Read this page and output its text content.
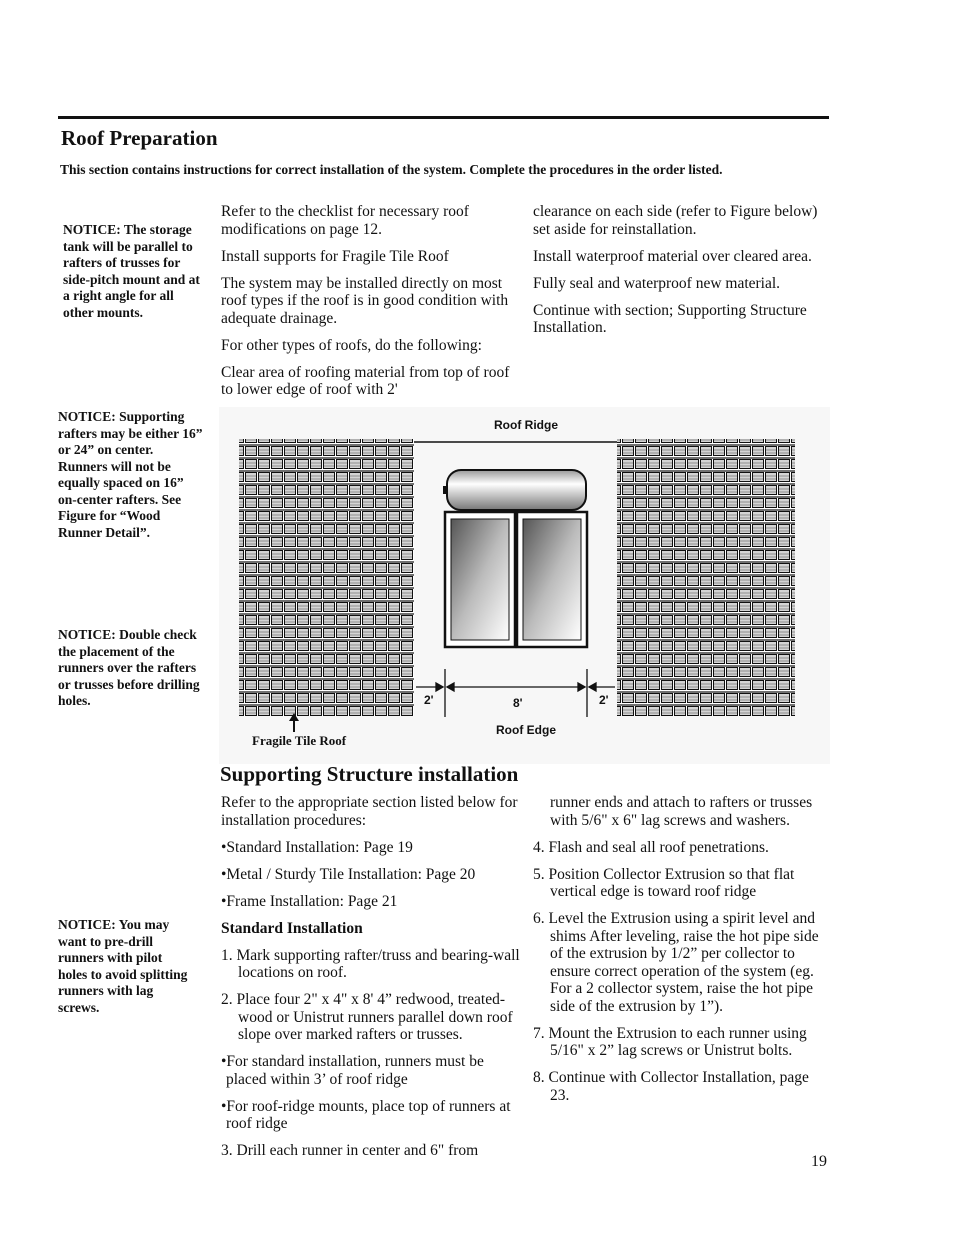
Roof Preparation
This section contains instructions for correct installation of the system. Complete the procedures in the order listed.
NOTICE: The storage tank will be parallel to rafters of trusses for side-pitch mount and at a right angle for all other mounts.
NOTICE: Supporting rafters may be either 16” or 24” on center. Runners will not be equally spaced on 16” on-center rafters. See Figure for “Wood Runner Detail”.
NOTICE: Double check the placement of the runners over the rafters or trusses before drilling holes.
NOTICE: You may want to pre-drill runners with pilot holes to avoid splitting runners with lag screws.

Refer to the checklist for necessary roof modifications on page 12.

Install supports for Fragile Tile Roof

The system may be installed directly on most roof types if the roof is in good condition with adequate drainage.

For other types of roofs, do the following:

Clear area of roofing material from top of roof to lower edge of roof with 2'

clearance on each side (refer to Figure below) set aside for reinstallation.

Install waterproof material over cleared area.

Fully seal and waterproof new material.

Continue with section; Supporting Structure Installation.

Roof Ridge
2'	8'	2'
Roof Edge
Fragile Tile Roof
Supporting Structure installation

Refer to the appropriate section listed below for installation procedures:

•Standard Installation: Page 19

•Metal / Sturdy Tile Installation: Page 20

•Frame Installation: Page 21

Standard Installation

1. Mark supporting rafter/truss and bearing-wall locations on roof.

2. Place four 2" x 4" x 8' 4” redwood, treated-wood or Unistrut runners parallel down roof slope over marked rafters or trusses.

•For standard installation, runners must be placed within 3’ of roof ridge

•For roof-ridge mounts, place top of runners at roof ridge

3. Drill each runner in center and 6" from

runner ends and attach to rafters or trusses with 5/6" x 6" lag screws and washers.

4. Flash and seal all roof penetrations.

5. Position Collector Extrusion so that flat vertical edge is toward roof ridge

6. Level the Extrusion using a spirit level and shims After leveling, raise the hot pipe side of the extrusion by 1/2” per collector to ensure correct operation of the system (eg. For a 2 collector system, raise the hot pipe side of the extrusion by 1”).

7. Mount the Extrusion to each runner using 5/16" x 2” lag screws or Unistrut bolts.

8. Continue with Collector Installation, page 23.

19
